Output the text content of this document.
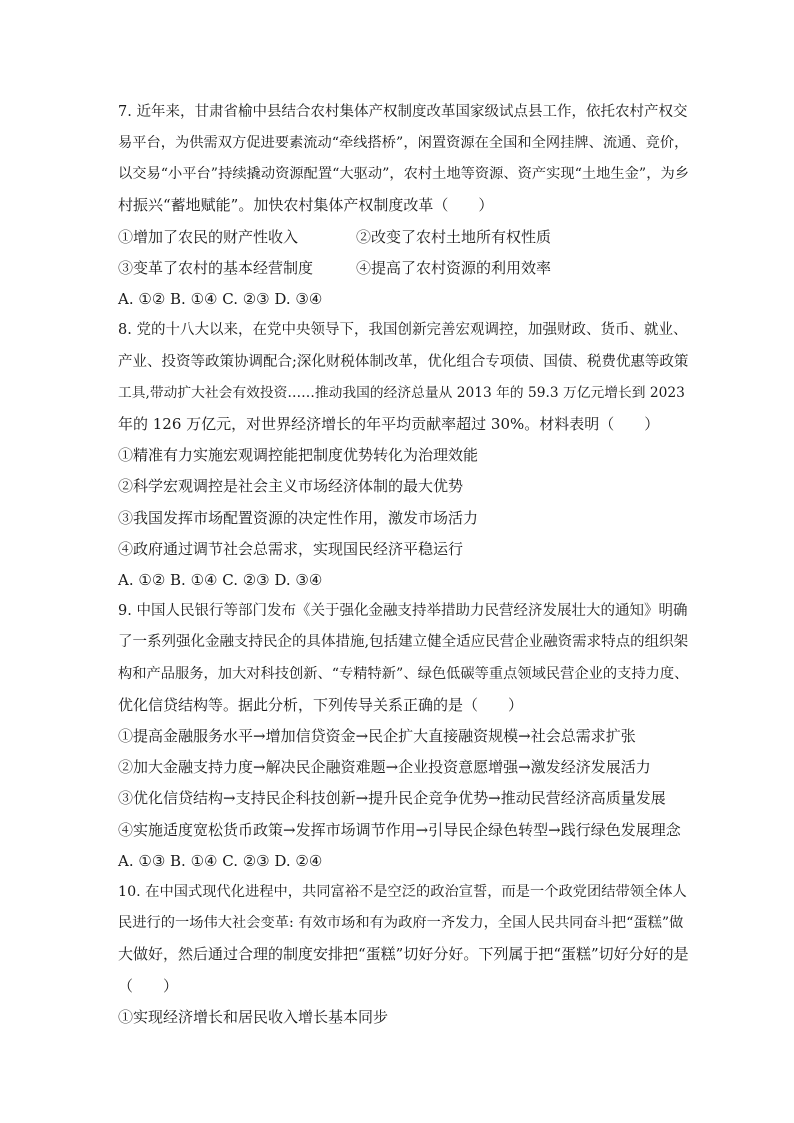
7. 近年来，甘肃省榆中县结合农村集体产权制度改革国家级试点县工作，依托农村产权交
易平台，为供需双方促进要素流动“牵线搭桥”，闲置资源在全国和全网挂牌、流通、竞价，
以交易“小平台”持续撬动资源配置“大驱动”，农村土地等资源、资产实现“土地生金”，为乡
村振兴“蓄地赋能”。加快农村集体产权制度改革（　　）
①增加了农民的财产性收入	②改变了农村土地所有权性质
③变革了农村的基本经营制度	④提高了农村资源的利用效率
A. ①② B. ①④ C. ②③ D. ③④
8. 党的十八大以来，在党中央领导下，我国创新完善宏观调控，加强财政、货币、就业、
产业、投资等政策协调配合;深化财税体制改革，优化组合专项债、国债、税费优惠等政策
工具,带动扩大社会有效投资……推动我国的经济总量从 2013 年的 59.3 万亿元增长到 2023
年的 126 万亿元，对世界经济增长的年平均贡献率超过 30%。材料表明（　　）
①精准有力实施宏观调控能把制度优势转化为治理效能
②科学宏观调控是社会主义市场经济体制的最大优势
③我国发挥市场配置资源的决定性作用，激发市场活力
④政府通过调节社会总需求，实现国民经济平稳运行
A. ①② B. ①④ C. ②③ D. ③④
9. 中国人民银行等部门发布《关于强化金融支持举措助力民营经济发展壮大的通知》明确
了一系列强化金融支持民企的具体措施,包括建立健全适应民营企业融资需求特点的组织架
构和产品服务，加大对科技创新、“专精特新”、绿色低碳等重点领域民营企业的支持力度、
优化信贷结构等。据此分析，下列传导关系正确的是（　　）
①提高金融服务水平→增加信贷资金→民企扩大直接融资规模→社会总需求扩张
②加大金融支持力度→解决民企融资难题→企业投资意愿增强→激发经济发展活力
③优化信贷结构→支持民企科技创新→提升民企竞争优势→推动民营经济高质量发展
④实施适度宽松货币政策→发挥市场调节作用→引导民企绿色转型→践行绿色发展理念
A. ①③ B. ①④ C. ②③ D. ②④
10. 在中国式现代化进程中，共同富裕不是空泛的政治宣誓，而是一个政党团结带领全体人
民进行的一场伟大社会变革: 有效市场和有为政府一齐发力，全国人民共同奋斗把“蛋糕”做
大做好，然后通过合理的制度安排把“蛋糕”切好分好。下列属于把“蛋糕”切好分好的是
（　　）
①实现经济增长和居民收入增长基本同步
